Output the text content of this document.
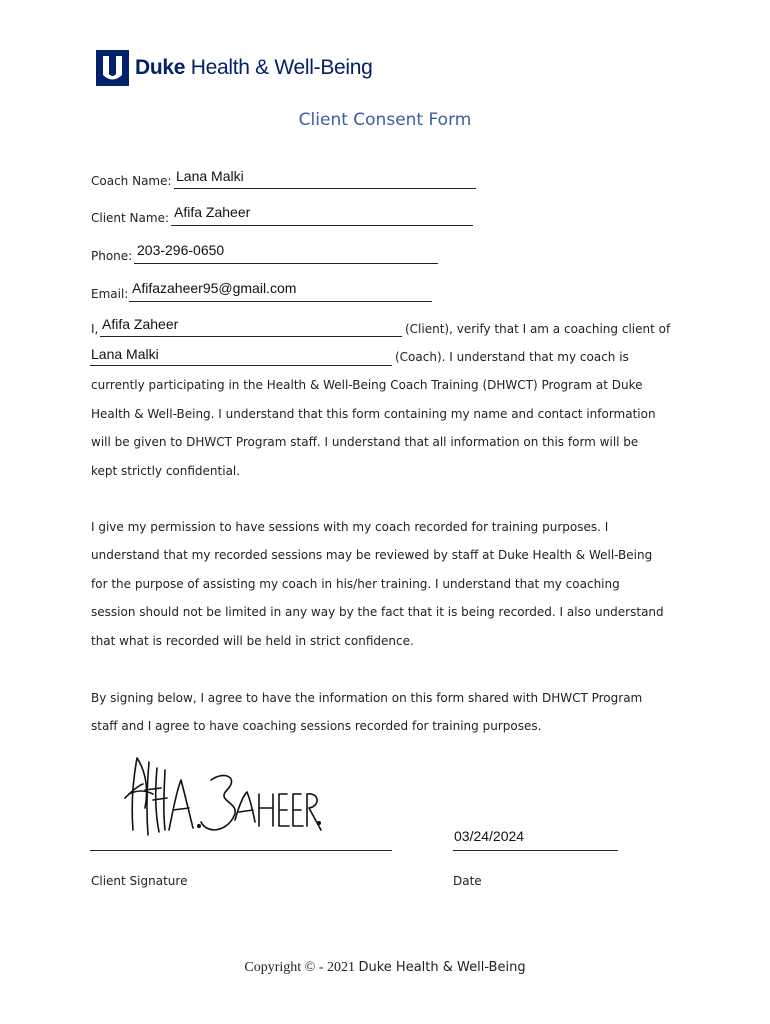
Duke Health & Well-Being
Client Consent Form
Coach Name: Lana Malki
Client Name: Afifa Zaheer
Phone: 203-296-0650
Email: Afifazaheer95@gmail.com
I, Afifa Zaheer	(Client), verify that I am a coaching client of
Lana Malki	(Coach). I understand that my coach is
currently participating in the Health & Well-Being Coach Training (DHWCT) Program at Duke
Health & Well-Being. I understand that this form containing my name and contact information
will be given to DHWCT Program staff. I understand that all information on this form will be
kept strictly confidential.
I give my permission to have sessions with my coach recorded for training purposes. I
understand that my recorded sessions may be reviewed by staff at Duke Health & Well-Being
for the purpose of assisting my coach in his/her training. I understand that my coaching
session should not be limited in any way by the fact that it is being recorded. I also understand
that what is recorded will be held in strict confidence.
By signing below, I agree to have the information on this form shared with DHWCT Program
staff and I agree to have coaching sessions recorded for training purposes.
Client Signature
03/24/2024
Date
Copyright © - 2021 Duke Health & Well-Being
